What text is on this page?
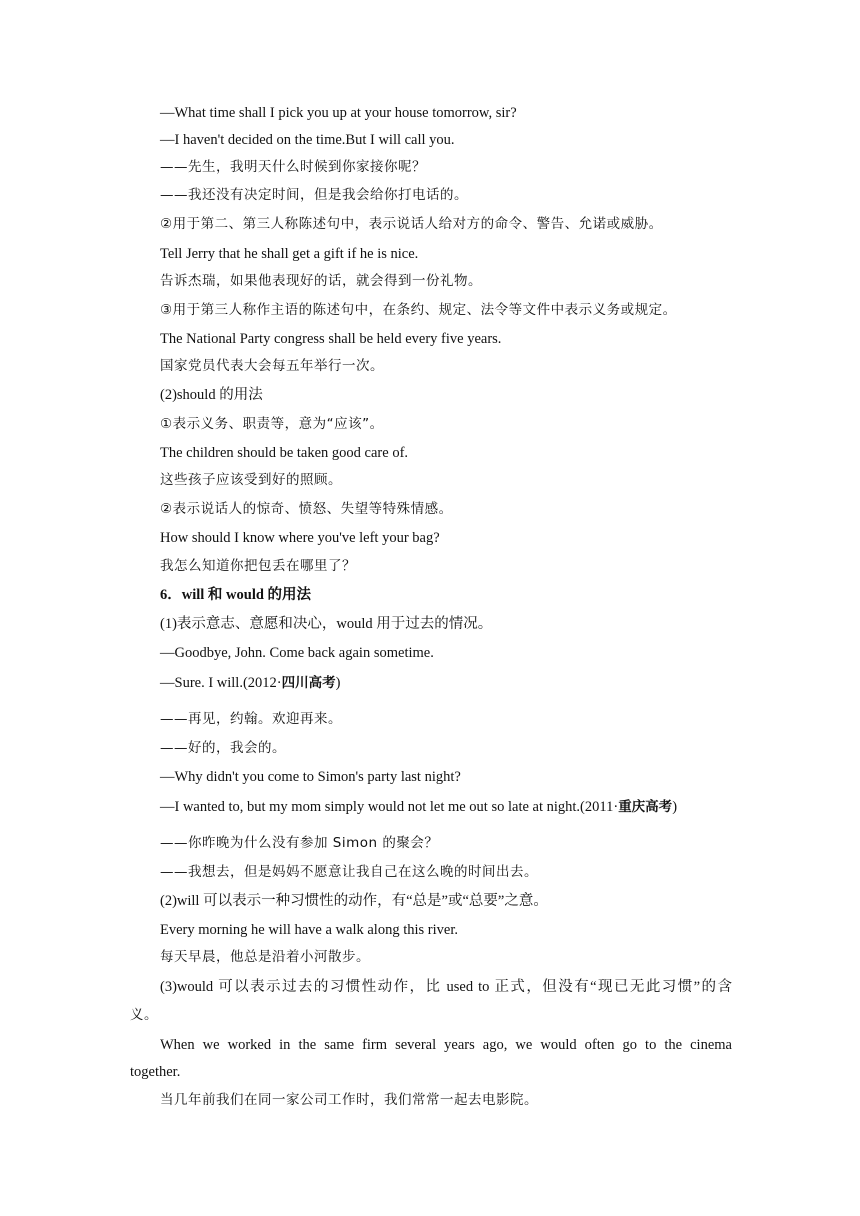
—What time shall I pick you up at your house tomorrow, sir?
—I haven't decided on the time.But I will call you.
——先生，我明天什么时候到你家接你呢？
——我还没有决定时间，但是我会给你打电话的。
②用于第二、第三人称陈述句中，表示说话人给对方的命令、警告、允诺或威胁。
Tell Jerry that he shall get a gift if he is nice.
告诉杰瑞，如果他表现好的话，就会得到一份礼物。
③用于第三人称作主语的陈述句中，在条约、规定、法令等文件中表示义务或规定。
The National Party congress shall be held every five years.
国家党员代表大会每五年举行一次。
(2)should 的用法
①表示义务、职责等，意为“应该”。
The children should be taken good care of.
这些孩子应该受到好的照顾。
②表示说话人的惊奇、愤怒、失望等特殊情感。
How should I know where you've left your bag?
我怎么知道你把包丢在哪里了？
6．will 和 would 的用法
(1)表示意志、意愿和决心，would 用于过去的情况。
—Goodbye, John. Come back again sometime.
—Sure. I will.(2012·四川高考)
——再见，约翰。欢迎再来。
——好的，我会的。
—Why didn't you come to Simon's party last night?
—I wanted to, but my mom simply would not let me out so late at night.(2011·重庆高考)
——你昨晚为什么没有参加 Simon 的聚会？
——我想去，但是妈妈不愿意让我自己在这么晚的时间出去。
(2)will 可以表示一种习惯性的动作，有“总是”或“总要”之意。
Every morning he will have a walk along this river.
每天早晨，他总是沿着小河散步。
(3)would 可以表示过去的习惯性动作，比 used to 正式，但没有“现已无此习惯”的含
义。
When we worked in the same firm several years ago, we would often go to the cinema
together.
当几年前我们在同一家公司工作时，我们常常一起去电影院。
